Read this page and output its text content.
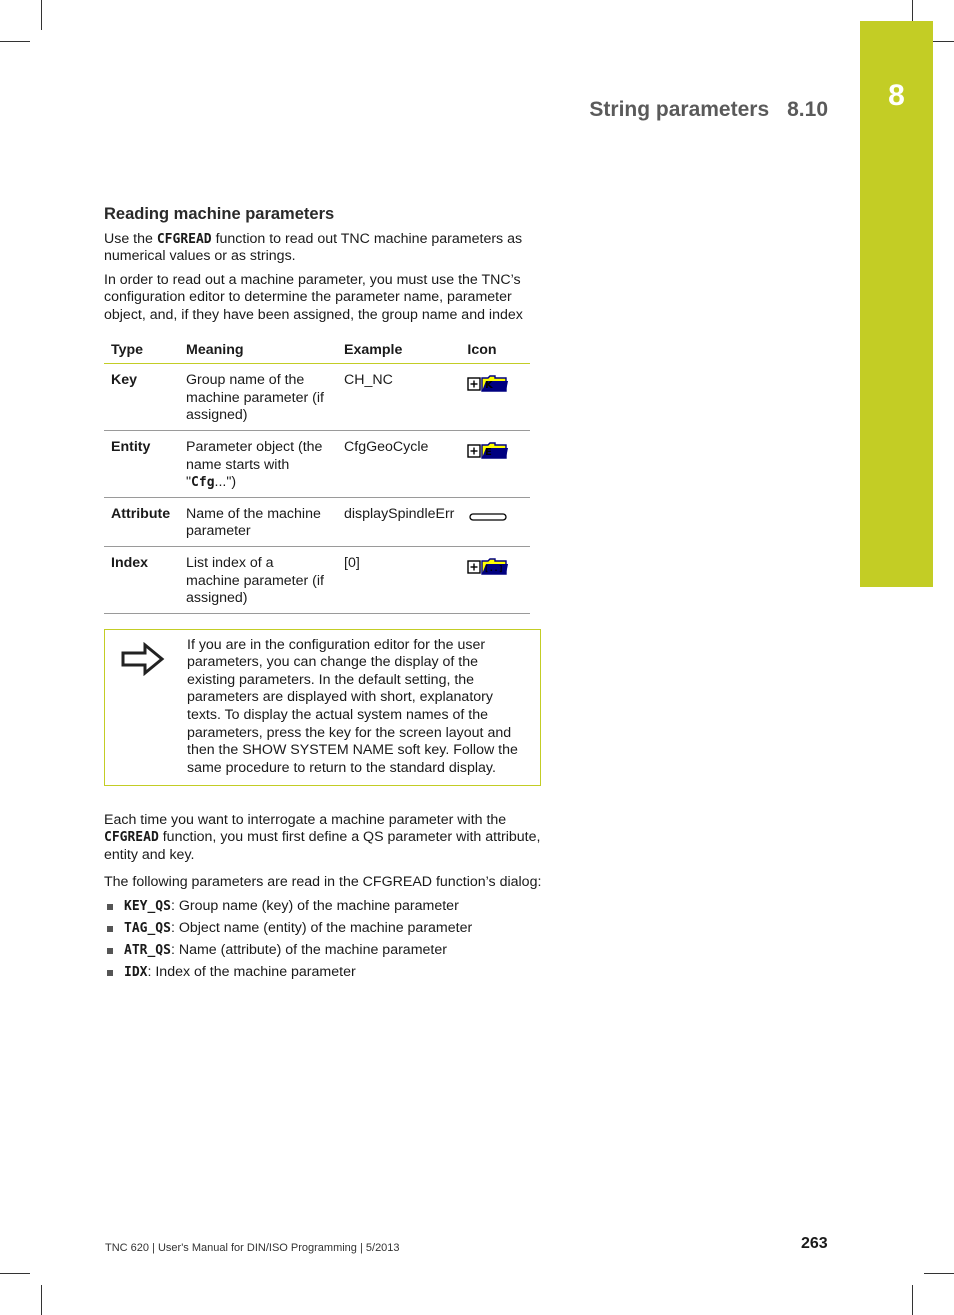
8
String parameters 8.10
Reading machine parameters

Use the CFGREAD function to read out TNC machine parameters as numerical values or as strings.

In order to read out a machine parameter, you must use the TNC’s configuration editor to determine the parameter name, parameter object, and, if they have been assigned, the group name and index

Type	Meaning	Example	Icon
Key	Group name of the machine parameter (if assigned)	CH_NC	K

Entity	Parameter object (the name starts with "Cfg...")	CfgGeoCycle	E

Attribute	Name of the machine parameter	displaySpindleErr	
Index	List index of a machine parameter (if assigned)	[0]	[..]
If you are in the configuration editor for the user parameters, you can change the display of the existing parameters. In the default setting, the parameters are displayed with short, explanatory texts. To display the actual system names of the parameters, press the key for the screen layout and then the SHOW SYSTEM NAME soft key. Follow the same procedure to return to the standard display.

Each time you want to interrogate a machine parameter with the CFGREAD function, you must first define a QS parameter with attribute, entity and key.

The following parameters are read in the CFGREAD function’s dialog:

KEY_QS: Group name (key) of the machine parameter
TAG_QS: Object name (entity) of the machine parameter
ATR_QS: Name (attribute) of the machine parameter
IDX: Index of the machine parameter
TNC 620 | User's Manual for DIN/ISO Programming | 5/2013	263
